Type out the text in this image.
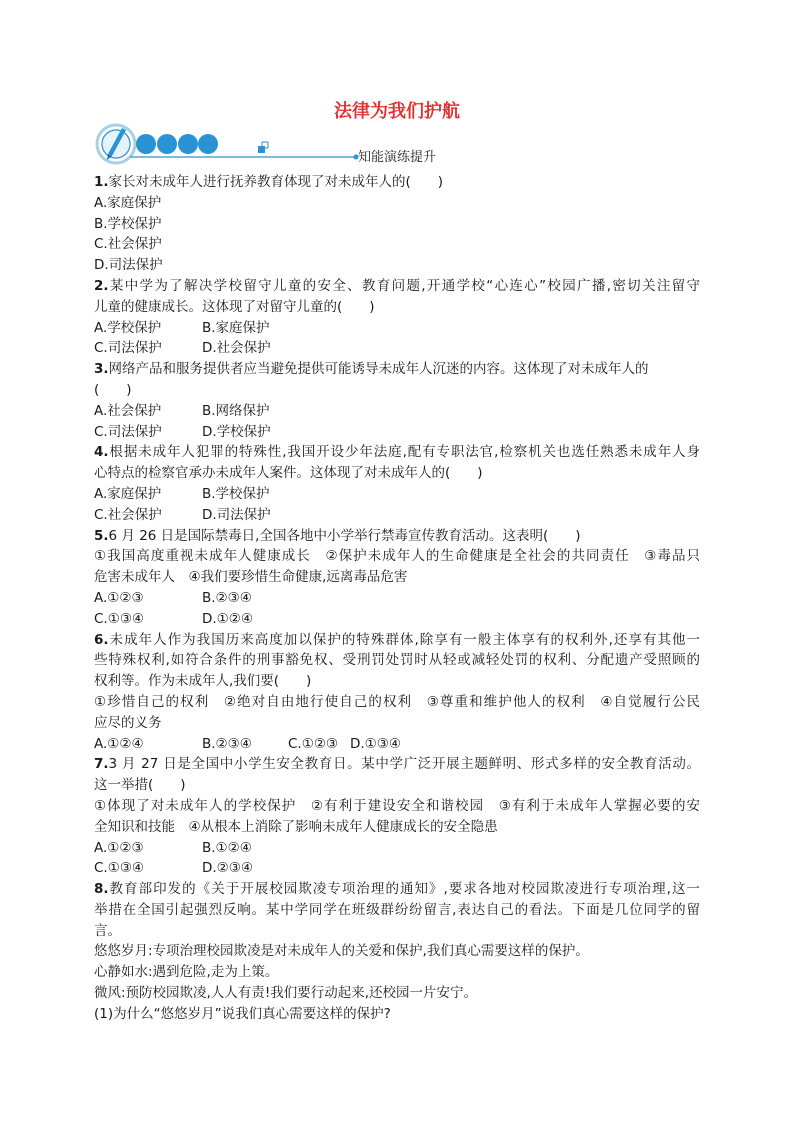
法律为我们护航
知能演练提升
1.家长对未成年人进行抚养教育体现了对未成年人的(　　)
A.家庭保护
B.学校保护
C.社会保护
D.司法保护
2.某中学为了解决学校留守儿童的安全、教育问题,开通学校“心连心”校园广播,密切关注留守
儿童的健康成长。这体现了对留守儿童的(　　)
A.学校保护	B.家庭保护
C.司法保护	D.社会保护
3.网络产品和服务提供者应当避免提供可能诱导未成年人沉迷的内容。这体现了对未成年人的
(　　)
A.社会保护	B.网络保护
C.司法保护	D.学校保护
4.根据未成年人犯罪的特殊性,我国开设少年法庭,配有专职法官,检察机关也选任熟悉未成年人身
心特点的检察官承办未成年人案件。这体现了对未成年人的(　　)
A.家庭保护	B.学校保护
C.社会保护	D.司法保护
5.6 月 26 日是国际禁毒日,全国各地中小学举行禁毒宣传教育活动。这表明(　　)
①我国高度重视未成年人健康成长　②保护未成年人的生命健康是全社会的共同责任　③毒品只
危害未成年人　④我们要珍惜生命健康,远离毒品危害
A.①②③	B.②③④
C.①③④	D.①②④
6.未成年人作为我国历来高度加以保护的特殊群体,除享有一般主体享有的权利外,还享有其他一
些特殊权利,如符合条件的刑事豁免权、受刑罚处罚时从轻或减轻处罚的权利、分配遗产受照顾的
权利等。作为未成年人,我们要(　　)
①珍惜自己的权利　②绝对自由地行使自己的权利　③尊重和维护他人的权利　④自觉履行公民
应尽的义务
A.①②④	B.②③④	C.①②③ D.①③④
7.3 月 27 日是全国中小学生安全教育日。某中学广泛开展主题鲜明、形式多样的安全教育活动。
这一举措(　　)
①体现了对未成年人的学校保护　②有利于建设安全和谐校园　③有利于未成年人掌握必要的安
全知识和技能　④从根本上消除了影响未成年人健康成长的安全隐患
A.①②③	B.①②④
C.①③④	D.②③④
8.教育部印发的《关于开展校园欺凌专项治理的通知》,要求各地对校园欺凌进行专项治理,这一
举措在全国引起强烈反响。某中学同学在班级群纷纷留言,表达自己的看法。下面是几位同学的留
言。
悠悠岁月:专项治理校园欺凌是对未成年人的关爱和保护,我们真心需要这样的保护。
心静如水:遇到危险,走为上策。
微风:预防校园欺凌,人人有责!我们要行动起来,还校园一片安宁。
(1)为什么“悠悠岁月”说我们真心需要这样的保护?
